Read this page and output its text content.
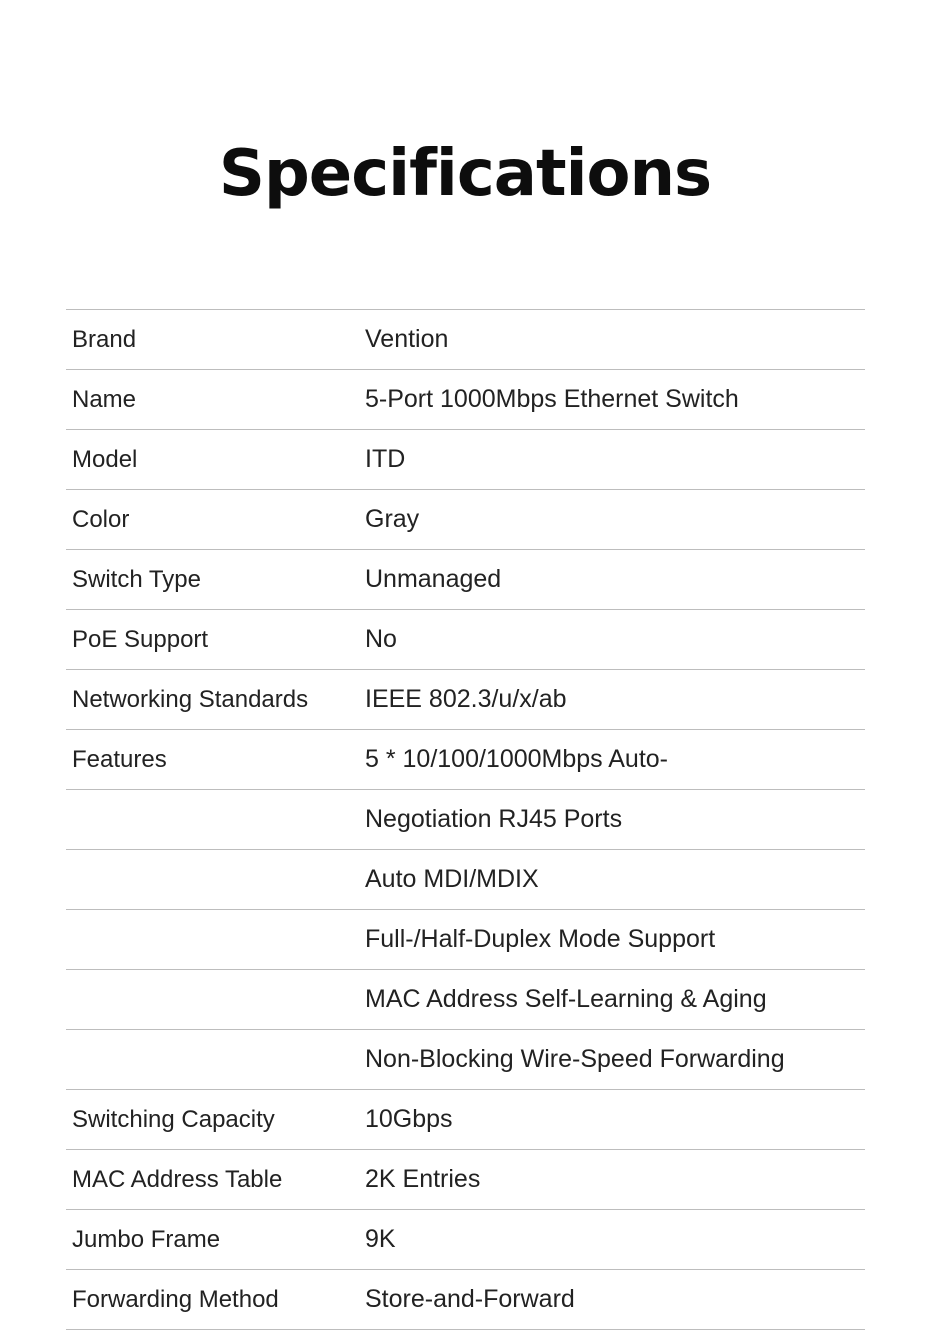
Specifications
Brand	Vention
Name	5-Port 1000Mbps Ethernet Switch
Model	ITD
Color	Gray
Switch Type	Unmanaged
PoE Support	No
Networking Standards	IEEE 802.3/u/x/ab
Features	5 * 10/100/1000Mbps Auto-
Negotiation RJ45 Ports
Auto MDI/MDIX
Full-/Half-Duplex Mode Support
MAC Address Self-Learning & Aging
Non-Blocking Wire-Speed Forwarding
Switching Capacity	10Gbps
MAC Address Table	2K Entries
Jumbo Frame	9K
Forwarding Method	Store-and-Forward
